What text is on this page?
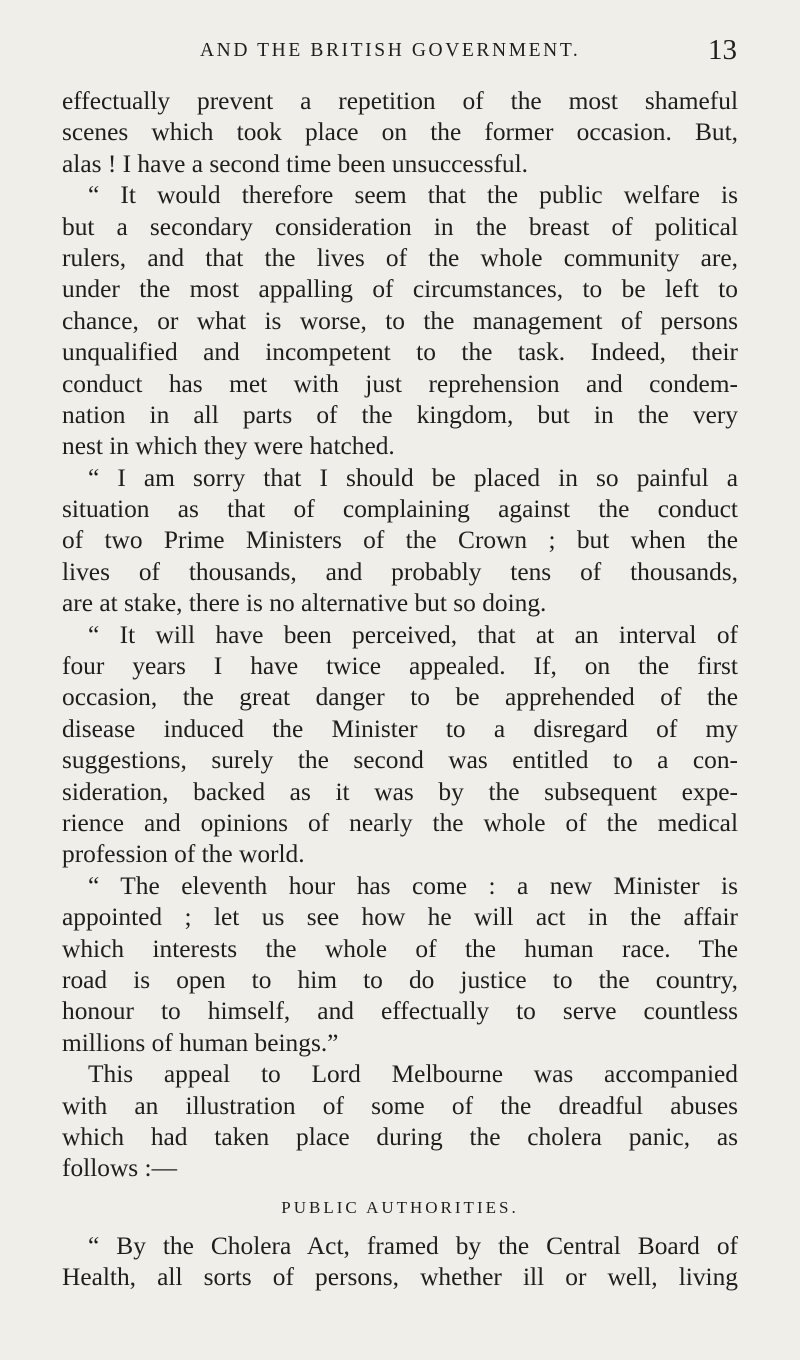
AND THE BRITISH GOVERNMENT.	13
effectually prevent a repetition of the most shameful
scenes which took place on the former occasion. But,
alas ! I have a second time been unsuccessful.
“ It would therefore seem that the public welfare is
but a secondary consideration in the breast of political
rulers, and that the lives of the whole community are,
under the most appalling of circumstances, to be left to
chance, or what is worse, to the management of persons
unqualified and incompetent to the task. Indeed, their
conduct has met with just reprehension and condem-
nation in all parts of the kingdom, but in the very
nest in which they were hatched.
“ I am sorry that I should be placed in so painful a
situation as that of complaining against the conduct
of two Prime Ministers of the Crown ; but when the
lives of thousands, and probably tens of thousands,
are at stake, there is no alternative but so doing.
“ It will have been perceived, that at an interval of
four years I have twice appealed. If, on the first
occasion, the great danger to be apprehended of the
disease induced the Minister to a disregard of my
suggestions, surely the second was entitled to a con-
sideration, backed as it was by the subsequent expe-
rience and opinions of nearly the whole of the medical
profession of the world.
“ The eleventh hour has come : a new Minister is
appointed ; let us see how he will act in the affair
which interests the whole of the human race. The
road is open to him to do justice to the country,
honour to himself, and effectually to serve countless
millions of human beings.”
This appeal to Lord Melbourne was accompanied
with an illustration of some of the dreadful abuses
which had taken place during the cholera panic, as
follows :—
PUBLIC AUTHORITIES.
“ By the Cholera Act, framed by the Central Board of
Health, all sorts of persons, whether ill or well, living
